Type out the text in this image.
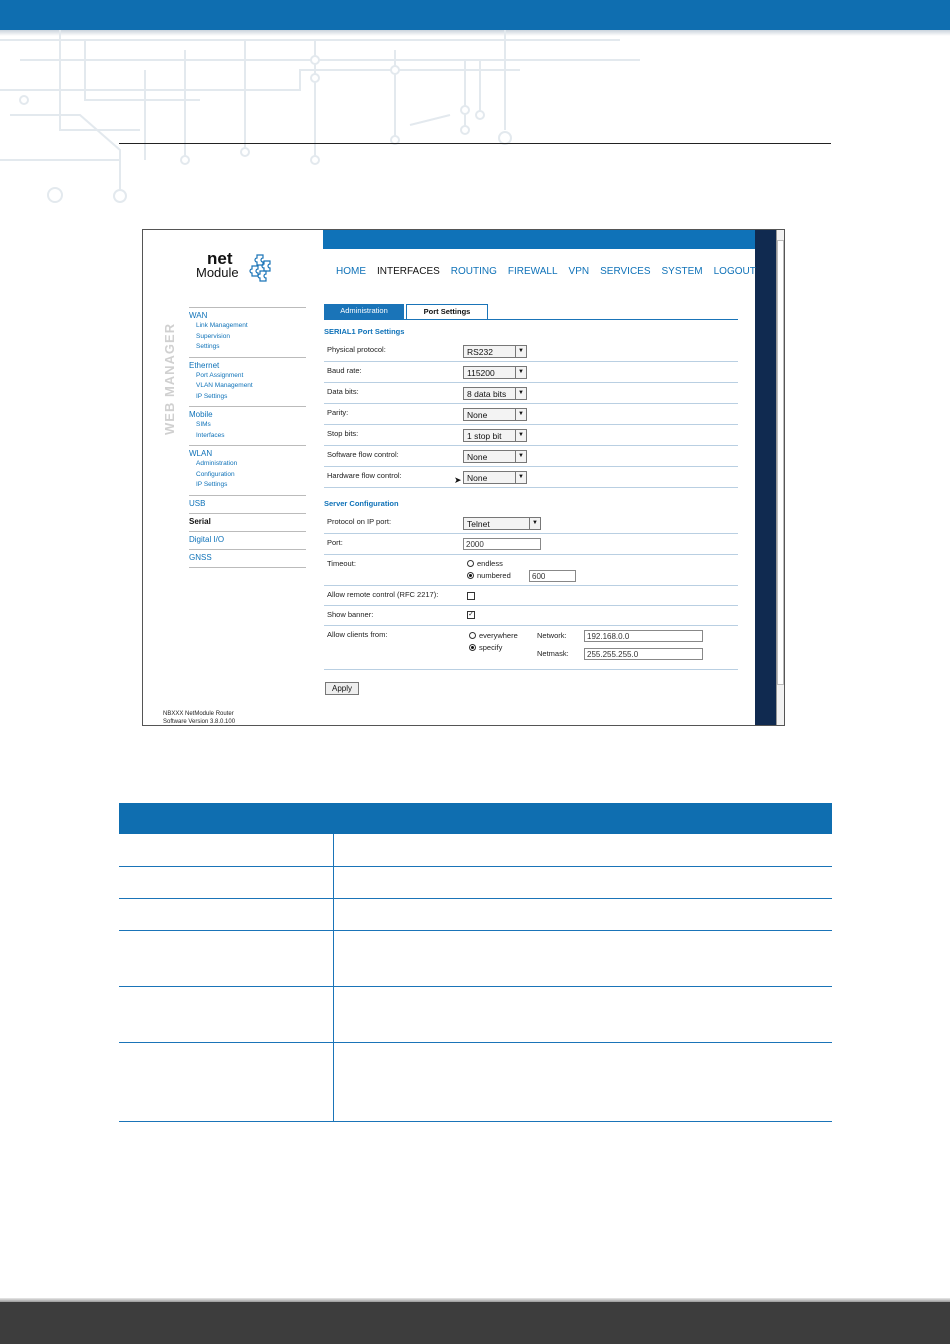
net
Module	HOME INTERFACES ROUTING FIREWALL VPN SERVICES SYSTEM LOGOUT
WEB MANAGER
WAN
Link Management
Supervision
Settings
Ethernet
Port Assignment
VLAN Management
IP Settings
Mobile
SIMs
Interfaces
WLAN
Administration
Configuration
IP Settings
USB
Serial
Digital I/O
GNSS
NBXXX NetModule Router
Software Version 3.8.0.100
Administration	Port Settings
SERIAL1 Port Settings
Physical protocol:	RS232	▼
Baud rate:	115200	▼
Data bits:	8 data bits	▼
Parity:	None	▼
Stop bits:	1 stop bit	▼
Software flow control:	None	▼
Hardware flow control:	None	▼
➤
Server Configuration
Protocol on IP port:	Telnet	▼
Port:	2000
Timeout:	endless
numbered	600
Allow remote control (RFC 2217):
Show banner:	✓
Allow clients from:	everywhere
specify
Network:	192.168.0.0
Netmask:	255.255.255.0
Apply
